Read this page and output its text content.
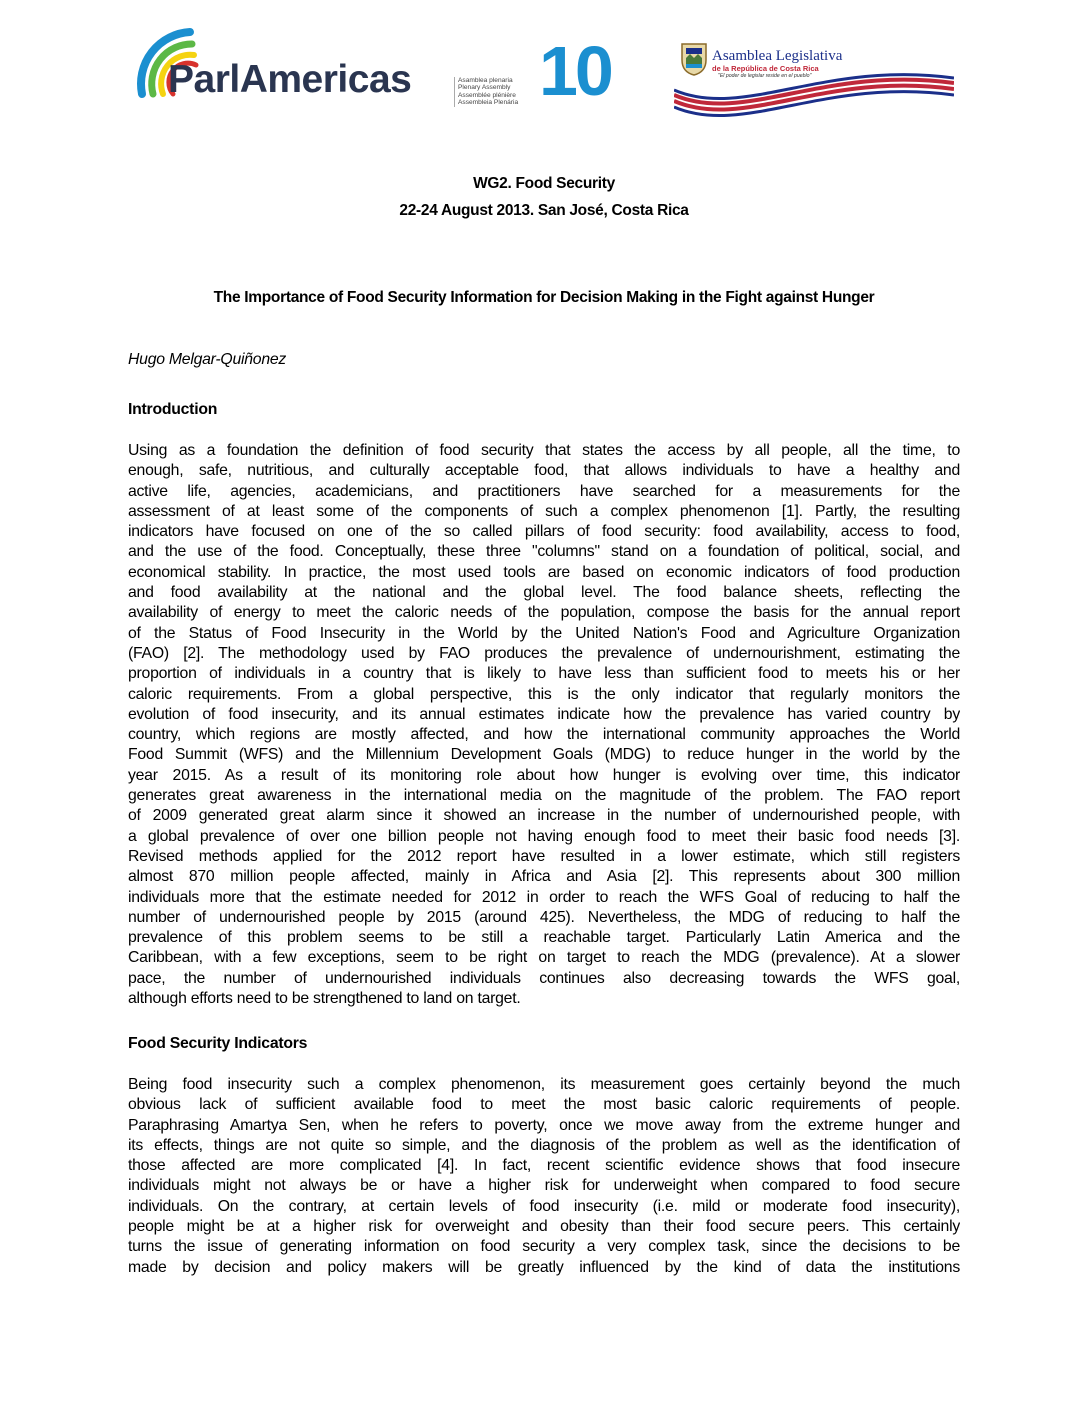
ParlAmericas	Asamblea plenaria
Plenary Assembly
Assemblée plénière
Assembleia Plenária 10	Asamblea Legislativa
de la República de Costa Rica
"El poder de legislar reside en el pueblo"
WG2. Food Security
22-24 August 2013. San José, Costa Rica
The Importance of Food Security Information for Decision Making in the Fight against Hunger
Hugo Melgar-Quiñonez
Introduction
Using as a foundation the definition of food security that states the access by all people, all the time, to
enough, safe, nutritious, and culturally acceptable food, that allows individuals to have a healthy and
active life, agencies, academicians, and practitioners have searched for a measurements for the
assessment of at least some of the components of such a complex phenomenon [1]. Partly, the resulting
indicators have focused on one of the so called pillars of food security: food availability, access to food,
and the use of the food. Conceptually, these three "columns" stand on a foundation of political, social, and
economical stability. In practice, the most used tools are based on economic indicators of food production
and food availability at the national and the global level. The food balance sheets, reflecting the
availability of energy to meet the caloric needs of the population, compose the basis for the annual report
of the Status of Food Insecurity in the World by the United Nation's Food and Agriculture Organization
(FAO) [2]. The methodology used by FAO produces the prevalence of undernourishment, estimating the
proportion of individuals in a country that is likely to have less than sufficient food to meets his or her
caloric requirements. From a global perspective, this is the only indicator that regularly monitors the
evolution of food insecurity, and its annual estimates indicate how the prevalence has varied country by
country, which regions are mostly affected, and how the international community approaches the World
Food Summit (WFS) and the Millennium Development Goals (MDG) to reduce hunger in the world by the
year 2015. As a result of its monitoring role about how hunger is evolving over time, this indicator
generates great awareness in the international media on the magnitude of the problem. The FAO report
of 2009 generated great alarm since it showed an increase in the number of undernourished people, with
a global prevalence of over one billion people not having enough food to meet their basic food needs [3].
Revised methods applied for the 2012 report have resulted in a lower estimate, which still registers
almost 870 million people affected, mainly in Africa and Asia [2]. This represents about 300 million
individuals more that the estimate needed for 2012 in order to reach the WFS Goal of reducing to half the
number of undernourished people by 2015 (around 425). Nevertheless, the MDG of reducing to half the
prevalence of this problem seems to be still a reachable target. Particularly Latin America and the
Caribbean, with a few exceptions, seem to be right on target to reach the MDG (prevalence). At a slower
pace, the number of undernourished individuals continues also decreasing towards the WFS goal,
although efforts need to be strengthened to land on target.
Food Security Indicators
Being food insecurity such a complex phenomenon, its measurement goes certainly beyond the much
obvious lack of sufficient available food to meet the most basic caloric requirements of people.
Paraphrasing Amartya Sen, when he refers to poverty, once we move away from the extreme hunger and
its effects, things are not quite so simple, and the diagnosis of the problem as well as the identification of
those affected are more complicated [4]. In fact, recent scientific evidence shows that food insecure
individuals might not always be or have a higher risk for underweight when compared to food secure
individuals. On the contrary, at certain levels of food insecurity (i.e. mild or moderate food insecurity),
people might be at a higher risk for overweight and obesity than their food secure peers. This certainly
turns the issue of generating information on food security a very complex task, since the decisions to be
made by decision and policy makers will be greatly influenced by the kind of data the institutions
